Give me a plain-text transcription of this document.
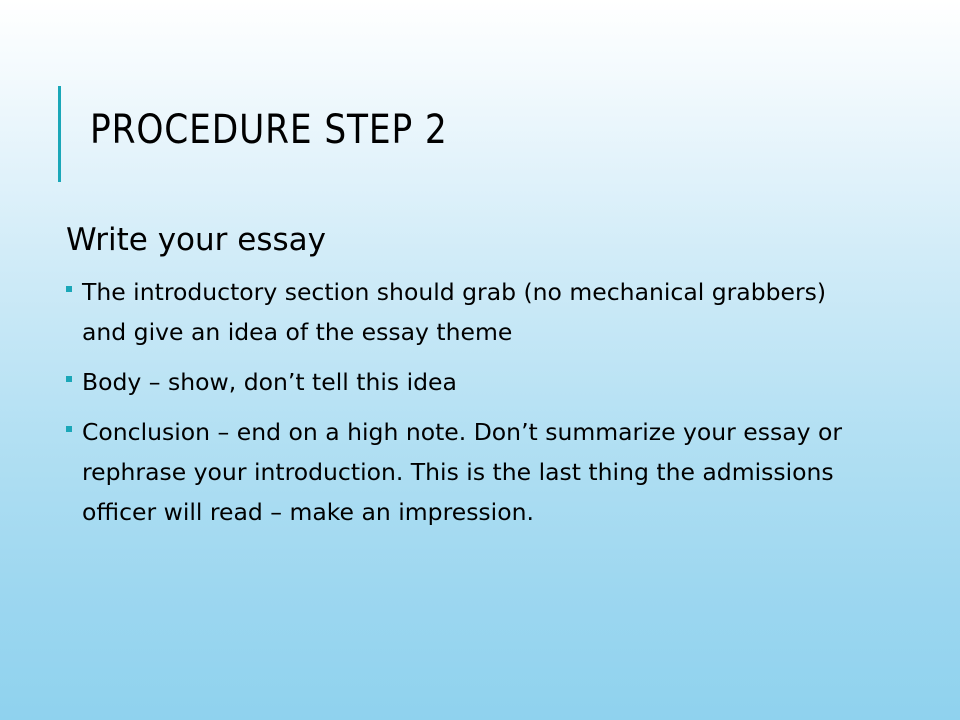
PROCEDURE STEP 2
Write your essay
The introductory section should grab (no mechanical grabbers) and give an idea of the essay theme
Body – show, don’t tell this idea
Conclusion – end on a high note. Don’t summarize your essay or rephrase your introduction. This is the last thing the admissions officer will read – make an impression.
